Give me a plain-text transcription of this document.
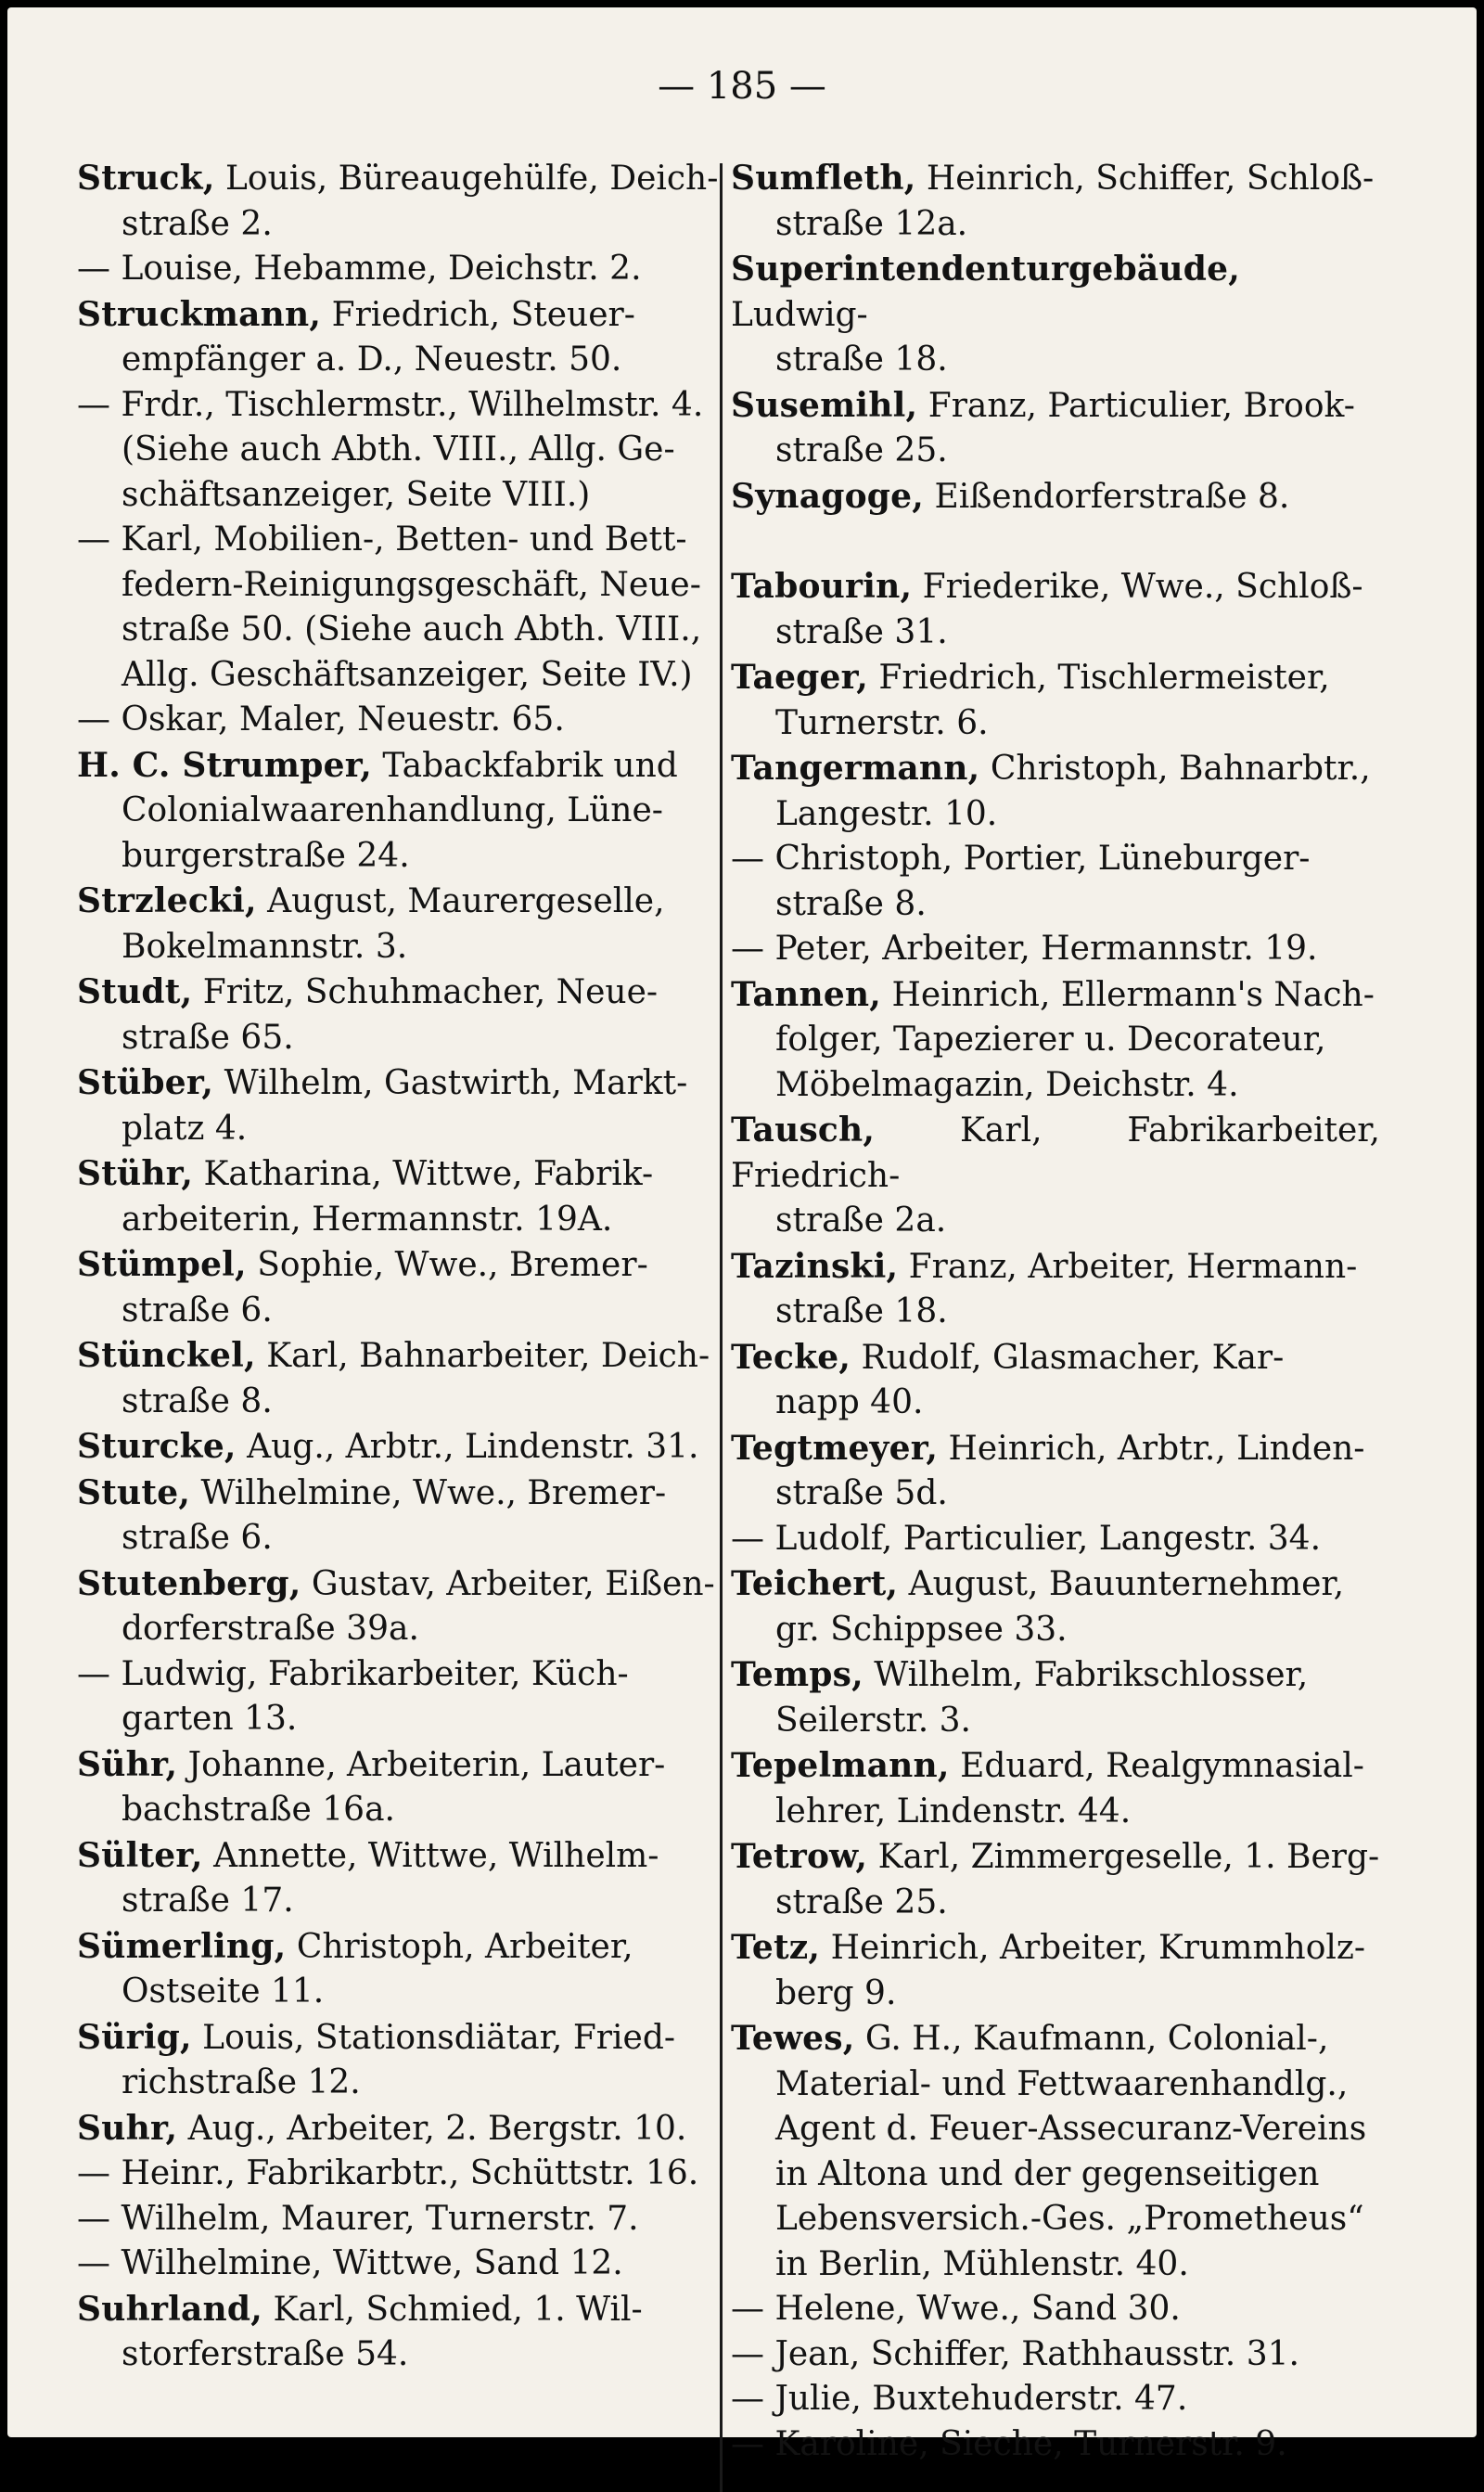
— 185 —
Struck, Louis, Büreaugehülfe, Deich-
straße 2.
— Louise, Hebamme, Deichstr. 2.
Struckmann, Friedrich, Steuer-
empfänger a. D., Neuestr. 50.
— Frdr., Tischlermstr., Wilhelmstr. 4.
(Siehe auch Abth. VIII., Allg. Ge-
schäftsanzeiger, Seite VIII.)
— Karl, Mobilien-, Betten- und Bett-
federn-Reinigungsgeschäft, Neue-
straße 50. (Siehe auch Abth. VIII.,
Allg. Geschäftsanzeiger, Seite IV.)
— Oskar, Maler, Neuestr. 65.
H. C. Strumper, Tabackfabrik und
Colonialwaarenhandlung, Lüne-
burgerstraße 24.
Strzlecki, August, Maurergeselle,
Bokelmannstr. 3.
Studt, Fritz, Schuhmacher, Neue-
straße 65.
Stüber, Wilhelm, Gastwirth, Markt-
platz 4.
Stühr, Katharina, Wittwe, Fabrik-
arbeiterin, Hermannstr. 19A.
Stümpel, Sophie, Wwe., Bremer-
straße 6.
Stünckel, Karl, Bahnarbeiter, Deich-
straße 8.
Sturcke, Aug., Arbtr., Lindenstr. 31.
Stute, Wilhelmine, Wwe., Bremer-
straße 6.
Stutenberg, Gustav, Arbeiter, Eißen-
dorferstraße 39a.
— Ludwig, Fabrikarbeiter, Küch-
garten 13.
Sühr, Johanne, Arbeiterin, Lauter-
bachstraße 16a.
Sülter, Annette, Wittwe, Wilhelm-
straße 17.
Sümerling, Christoph, Arbeiter,
Ostseite 11.
Sürig, Louis, Stationsdiätar, Fried-
richstraße 12.
Suhr, Aug., Arbeiter, 2. Bergstr. 10.
— Heinr., Fabrikarbtr., Schüttstr. 16.
— Wilhelm, Maurer, Turnerstr. 7.
— Wilhelmine, Wittwe, Sand 12.
Suhrland, Karl, Schmied, 1. Wil-
storferstraße 54.
Sumfleth, Heinrich, Schiffer, Schloß-
straße 12a.
Superintendenturgebäude, Ludwig-
straße 18.
Susemihl, Franz, Particulier, Brook-
straße 25.
Synagoge, Eißendorferstraße 8.
Tabourin, Friederike, Wwe., Schloß-
straße 31.
Taeger, Friedrich, Tischlermeister,
Turnerstr. 6.
Tangermann, Christoph, Bahnarbtr.,
Langestr. 10.
— Christoph, Portier, Lüneburger-
straße 8.
— Peter, Arbeiter, Hermannstr. 19.
Tannen, Heinrich, Ellermann's Nach-
folger, Tapezierer u. Decorateur,
Möbelmagazin, Deichstr. 4.
Tausch, Karl, Fabrikarbeiter, Friedrich-
straße 2a.
Tazinski, Franz, Arbeiter, Hermann-
straße 18.
Tecke, Rudolf, Glasmacher, Kar-
napp 40.
Tegtmeyer, Heinrich, Arbtr., Linden-
straße 5d.
— Ludolf, Particulier, Langestr. 34.
Teichert, August, Bauunternehmer,
gr. Schippsee 33.
Temps, Wilhelm, Fabrikschlosser,
Seilerstr. 3.
Tepelmann, Eduard, Realgymnasial-
lehrer, Lindenstr. 44.
Tetrow, Karl, Zimmergeselle, 1. Berg-
straße 25.
Tetz, Heinrich, Arbeiter, Krummholz-
berg 9.
Tewes, G. H., Kaufmann, Colonial-,
Material- und Fettwaarenhandlg.,
Agent d. Feuer-Assecuranz-Vereins
in Altona und der gegenseitigen
Lebensversich.-Ges. „Prometheus“
in Berlin, Mühlenstr. 40.
— Helene, Wwe., Sand 30.
— Jean, Schiffer, Rathhausstr. 31.
— Julie, Buxtehuderstr. 47.
— Karoline, Sieche, Turnerstr. 9.
